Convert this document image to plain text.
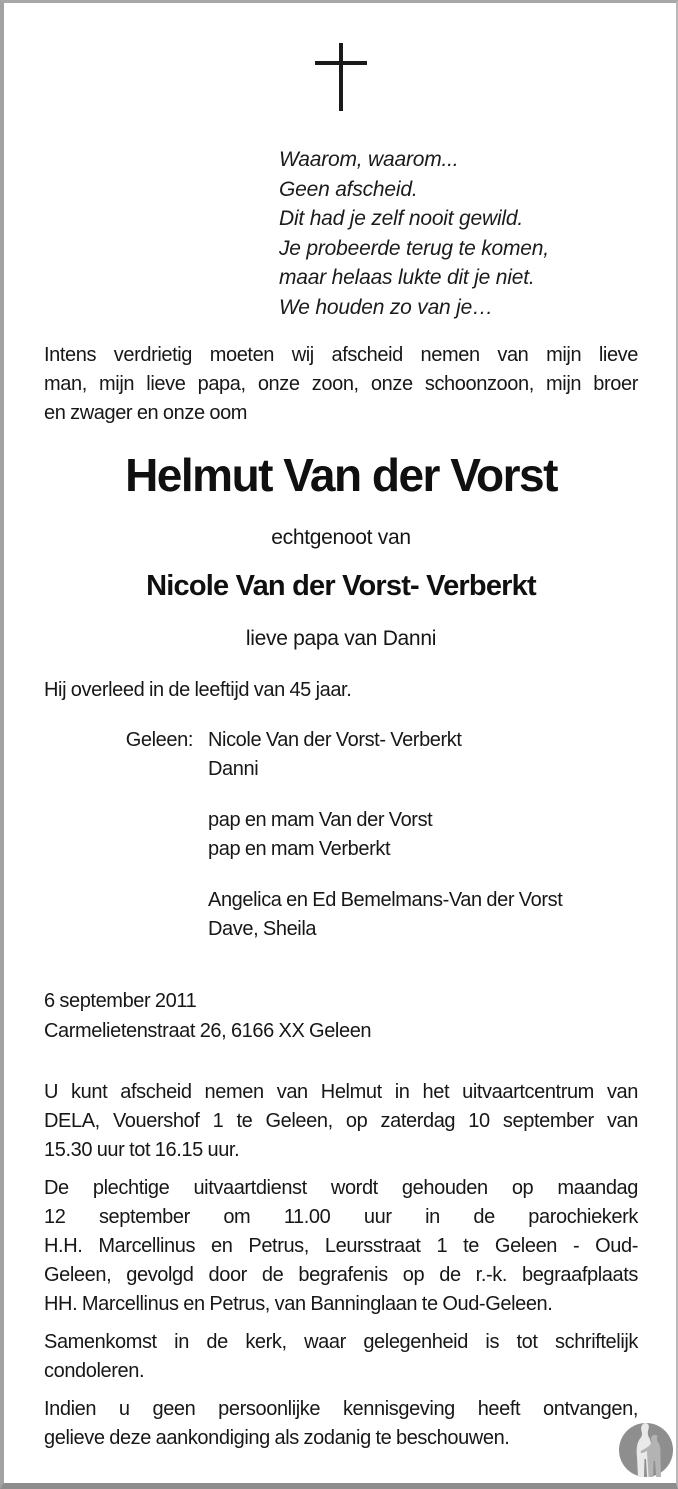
Waarom, waarom...
Geen afscheid.
Dit had je zelf nooit gewild.
Je probeerde terug te komen,
maar helaas lukte dit je niet.
We houden zo van je…
Intens verdrietig moeten wij afscheid nemen van mijn lieve
man, mijn lieve papa, onze zoon, onze schoonzoon, mijn broer
en zwager en onze oom
Helmut Van der Vorst
echtgenoot van
Nicole Van der Vorst- Verberkt
lieve papa van Danni
Hij overleed in de leeftijd van 45 jaar.
Geleen: Nicole Van der Vorst- Verberkt
Danni
pap en mam Van der Vorst
pap en mam Verberkt
Angelica en Ed Bemelmans-Van der Vorst
Dave, Sheila
6 september 2011
Carmelietenstraat 26, 6166 XX Geleen
U kunt afscheid nemen van Helmut in het uitvaartcentrum van
DELA, Vouershof 1 te Geleen, op zaterdag 10 september van
15.30 uur tot 16.15 uur.
De plechtige uitvaartdienst wordt gehouden op maandag
12 september om 11.00 uur in de parochiekerk
H.H. Marcellinus en Petrus, Leursstraat 1 te Geleen - Oud-
Geleen, gevolgd door de begrafenis op de r.-k. begraafplaats
HH. Marcellinus en Petrus, van Banninglaan te Oud-Geleen.
Samenkomst in de kerk, waar gelegenheid is tot schriftelijk
condoleren.
Indien u geen persoonlijke kennisgeving heeft ontvangen,
gelieve deze aankondiging als zodanig te beschouwen.
